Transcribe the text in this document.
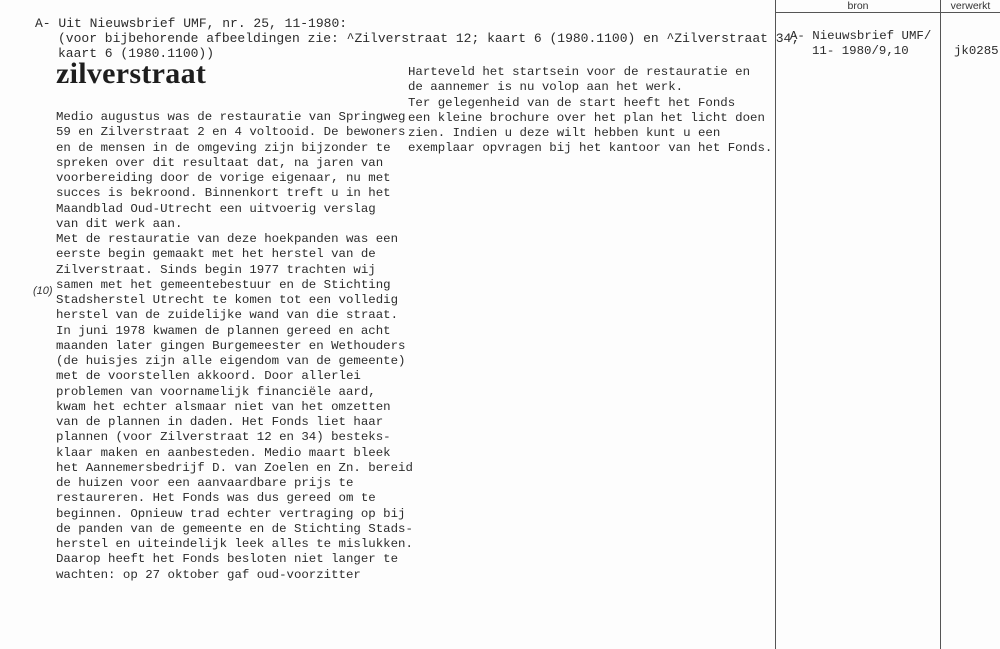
bron	verwerkt
A- Uit Nieuwsbrief UMF, nr. 25, 11-1980:
(voor bijbehorende afbeeldingen zie: ^Zilverstraat 12; kaart 6 (1980.1100) en ^Zilverstraat 34;
kaart 6 (1980.1100))
zilverstraat
(10)
Medio augustus was de restauratie van Springweg
59 en Zilverstraat 2 en 4 voltooid. De bewoners
en de mensen in de omgeving zijn bijzonder te
spreken over dit resultaat dat, na jaren van
voorbereiding door de vorige eigenaar, nu met
succes is bekroond. Binnenkort treft u in het
Maandblad Oud-Utrecht een uitvoerig verslag
van dit werk aan.
Met de restauratie van deze hoekpanden was een
eerste begin gemaakt met het herstel van de
Zilverstraat. Sinds begin 1977 trachten wij
samen met het gemeentebestuur en de Stichting
Stadsherstel Utrecht te komen tot een volledig
herstel van de zuidelijke wand van die straat.
In juni 1978 kwamen de plannen gereed en acht
maanden later gingen Burgemeester en Wethouders
(de huisjes zijn alle eigendom van de gemeente)
met de voorstellen akkoord. Door allerlei
problemen van voornamelijk financiële aard,
kwam het echter alsmaar niet van het omzetten
van de plannen in daden. Het Fonds liet haar
plannen (voor Zilverstraat 12 en 34) besteks-
klaar maken en aanbesteden. Medio maart bleek
het Aannemersbedrijf D. van Zoelen en Zn. bereid
de huizen voor een aanvaardbare prijs te
restaureren. Het Fonds was dus gereed om te
beginnen. Opnieuw trad echter vertraging op bij
de panden van de gemeente en de Stichting Stads-
herstel en uiteindelijk leek alles te mislukken.
Daarop heeft het Fonds besloten niet langer te
wachten: op 27 oktober gaf oud-voorzitter
Harteveld het startsein voor de restauratie en
de aannemer is nu volop aan het werk.
Ter gelegenheid van de start heeft het Fonds
een kleine brochure over het plan het licht doen
zien. Indien u deze wilt hebben kunt u een
exemplaar opvragen bij het kantoor van het Fonds.
A- Nieuwsbrief UMF/
11- 1980/9,10	jk0285
